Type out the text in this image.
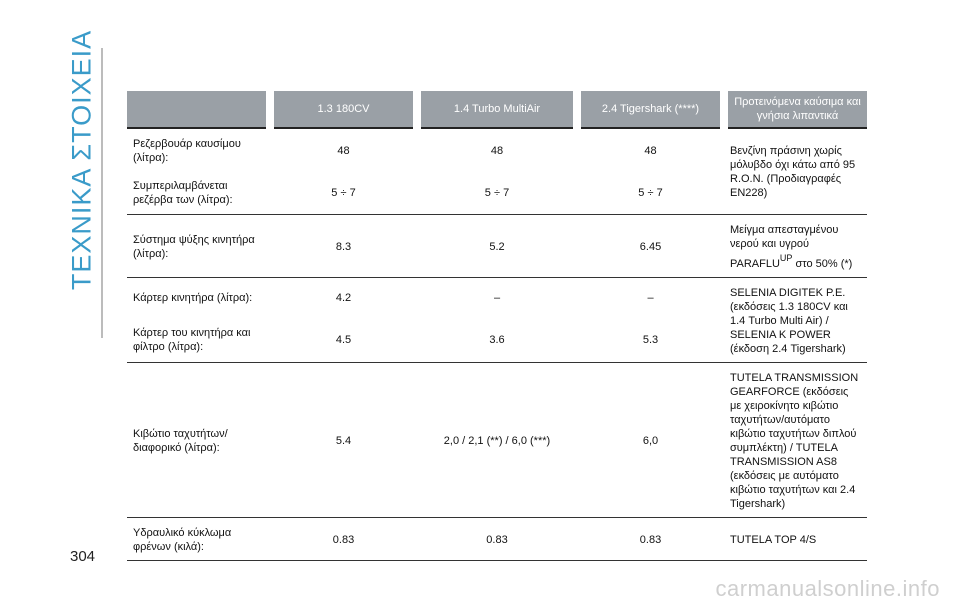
ΤΕΧΝΙΚΑ ΣΤΟΙΧΕΙΑ
		1.3 180CV	1.4 Turbo MultiAir	2.4 Tigershark (****)	Προτεινόμενα καύσιμα και γνήσια λιπαντικά
Ρεζερβουάρ καυσίμου (λίτρα):	48	48	48	Βενζίνη πράσινη χωρίς μόλυβδο όχι κάτω από 95 R.O.N. (Προδιαγραφές EN228)
Συμπεριλαμβάνεται ρεζέρβα των (λίτρα):	5 ÷ 7	5 ÷ 7	5 ÷ 7	
Σύστημα ψύξης κινητήρα (λίτρα):	8.3	5.2	6.45	Μείγμα απεσταγμένου νερού και υγρού $PARAFLU^{UP}$ στο 50% (*)
Κάρτερ κινητήρα (λίτρα):	4.2	–	–	SELENIA DIGITEK P.E. (εκδόσεις 1.3 180CV και 1.4 Turbo Multi Air) / SELENIA K POWER (έκδοση 2.4 Tigershark)
Κάρτερ του κινητήρα και φίλτρο (λίτρα):	4.5	3.6	5.3	
Κιβώτιο ταχυτήτων/διαφορικό (λίτρα):	5.4	2,0 / 2,1 (**) / 6,0 (***)	6,0	TUTELA TRANSMISSION GEARFORCE (εκδόσεις με χειροκίνητο κιβώτιο ταχυτήτων/αυτόματο κιβώτιο ταχυτήτων διπλού συμπλέκτη) / TUTELA TRANSMISSION AS8 (εκδόσεις με αυτόματο κιβώτιο ταχυτήτων και 2.4 Tigershark)
Υδραυλικό κύκλωμα φρένων (κιλά):	0.83	0.83	0.83	TUTELA TOP 4/S
304
carmanualsonline.info
